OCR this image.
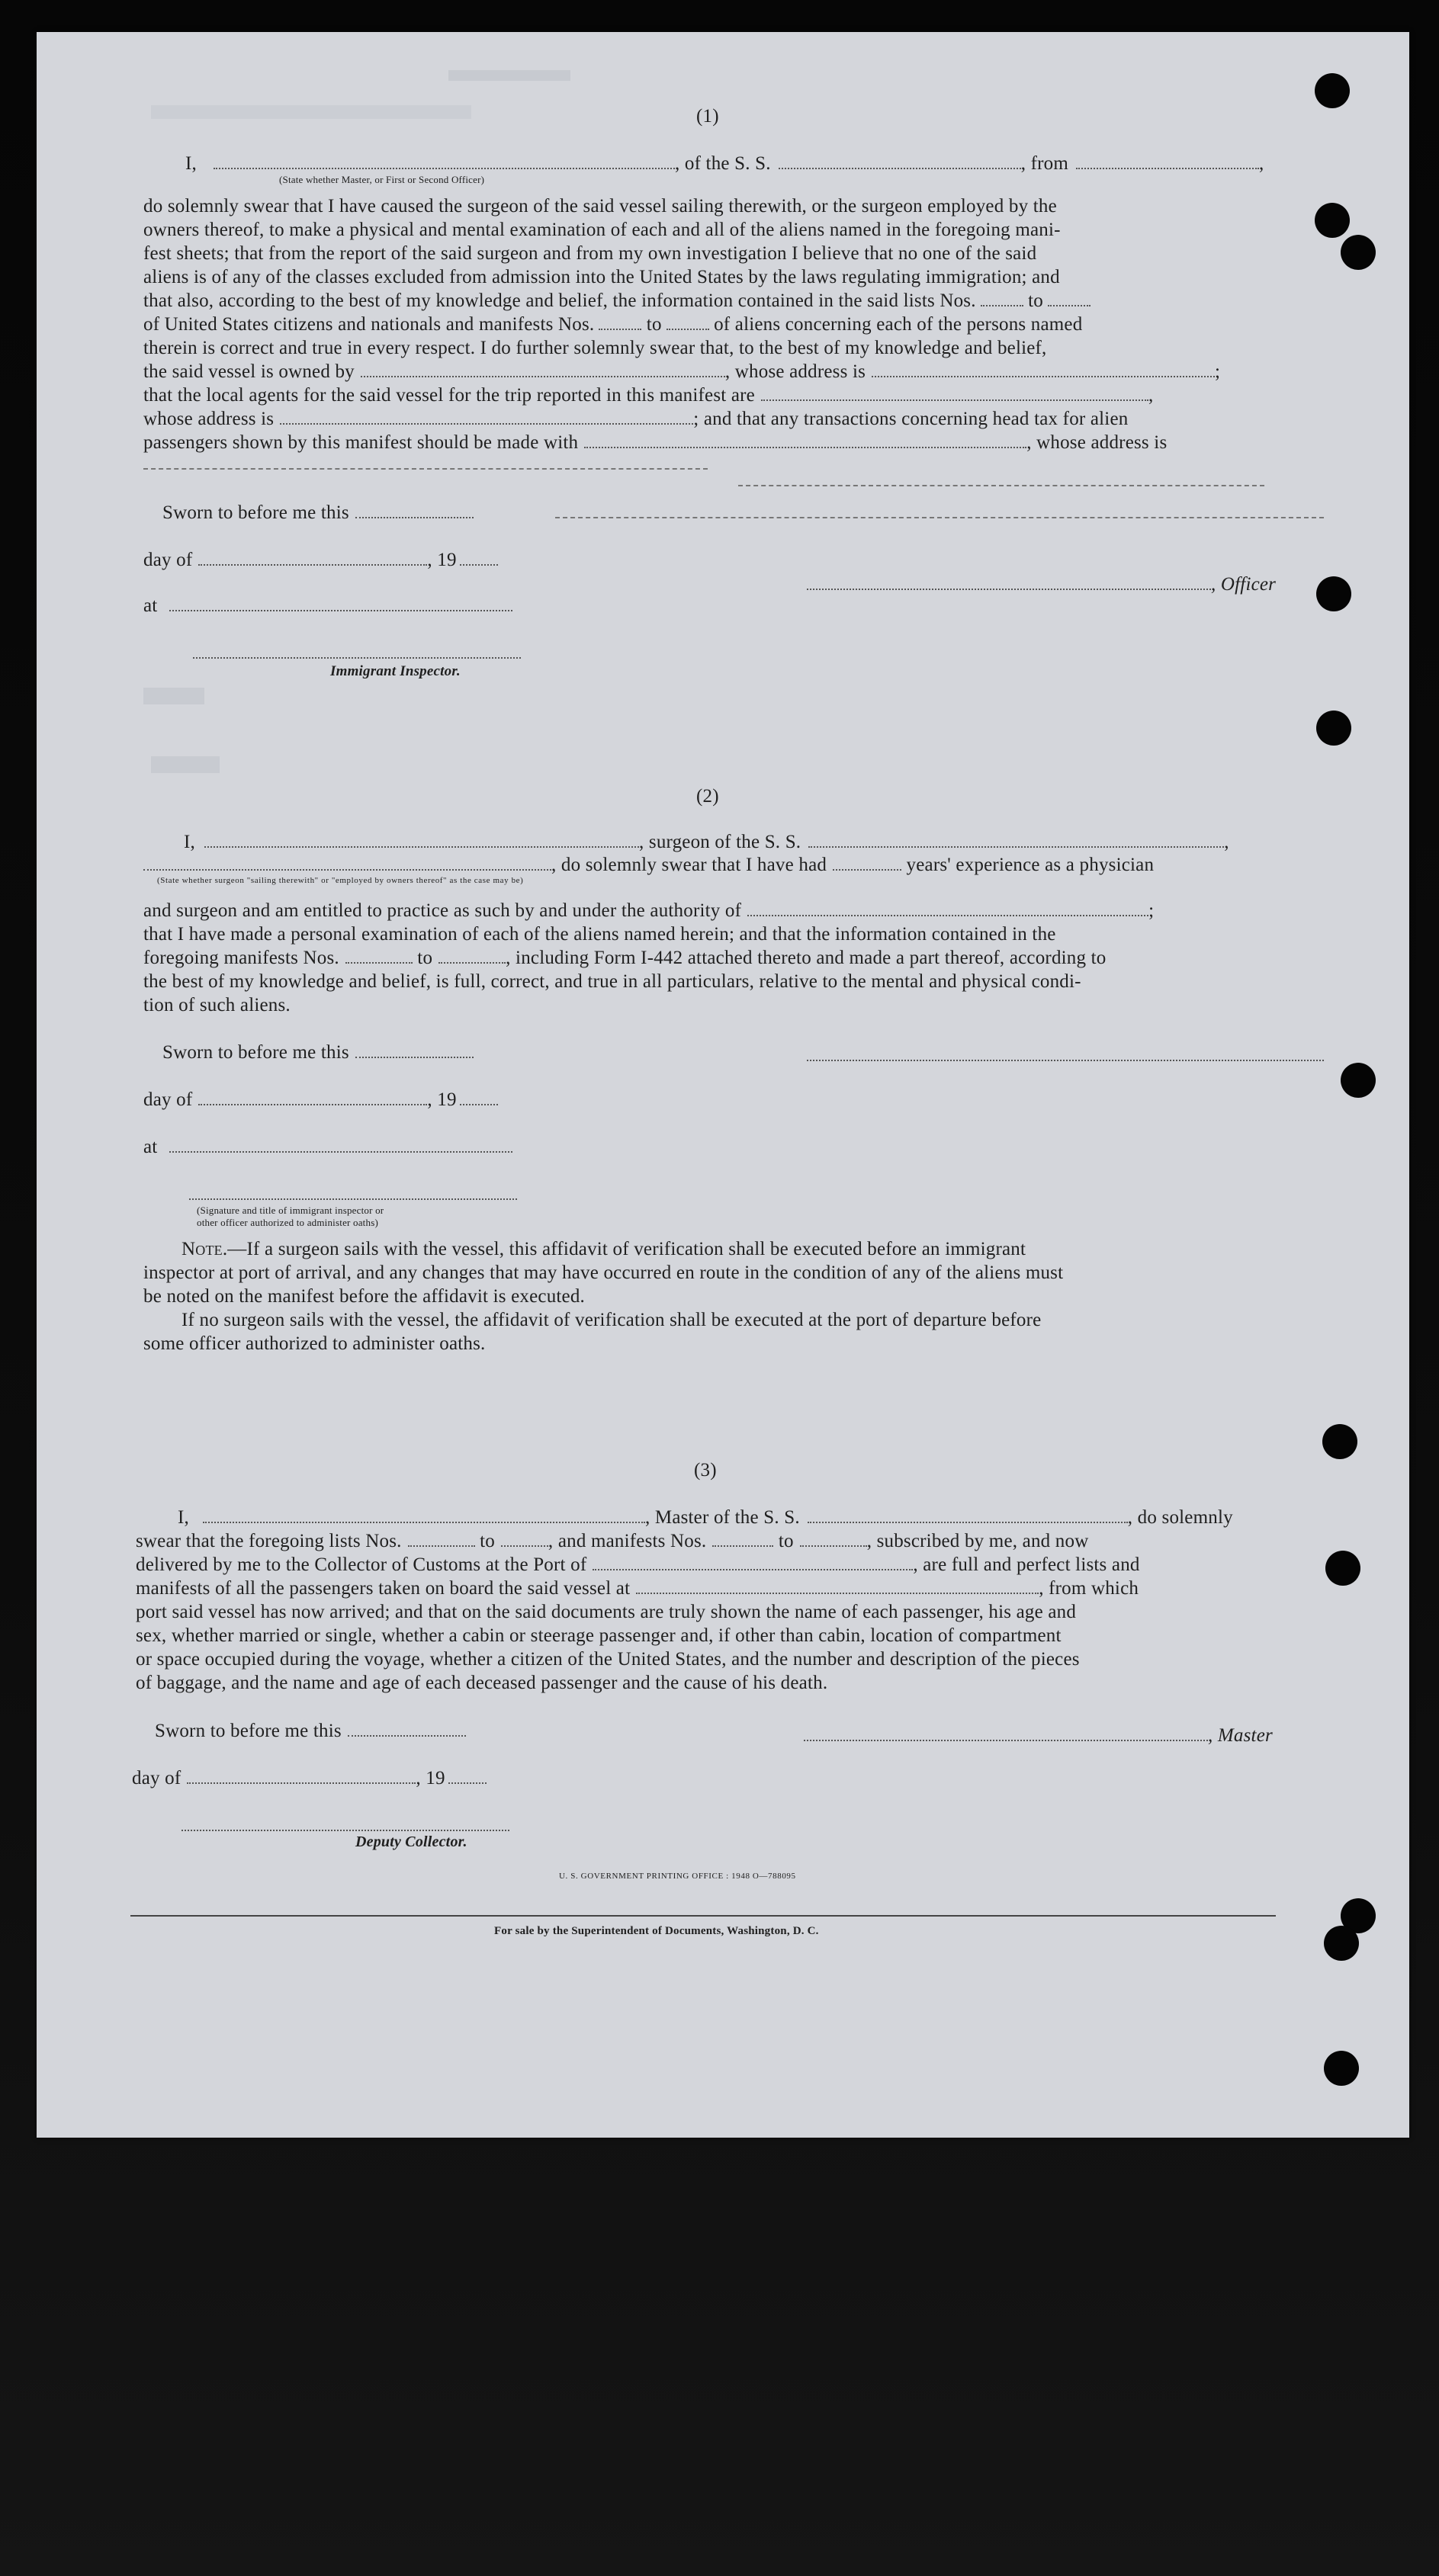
(1)
I,	, of the S. S.	, from	,
(State whether Master, or First or Second Officer)
do solemnly swear that I have caused the surgeon of the said vessel sailing therewith, or the surgeon employed by the
owners thereof, to make a physical and mental examination of each and all of the aliens named in the foregoing mani-
fest sheets; that from the report of the said surgeon and from my own investigation I believe that no one of the said
aliens is of any of the classes excluded from admission into the United States by the laws regulating immigration; and
that also, according to the best of my knowledge and belief, the information contained in the said lists Nos.	to
of United States citizens and nationals and manifests Nos.	to	of aliens concerning each of the persons named
therein is correct and true in every respect. I do further solemnly swear that, to the best of my knowledge and belief,
the said vessel is owned by	, whose address is	;
that the local agents for the said vessel for the trip reported in this manifest are	,
whose address is	; and that any transactions concerning head tax for alien
passengers shown by this manifest should be made with	, whose address is
Sworn to before me this
day of	, 19
, Officer
at
Immigrant Inspector.
(2)
I,	, surgeon of the S. S.	,
, do solemnly swear that I have had	years' experience as a physician
(State whether surgeon "sailing therewith" or "employed by owners thereof" as the case may be)
and surgeon and am entitled to practice as such by and under the authority of	;
that I have made a personal examination of each of the aliens named herein; and that the information contained in the
foregoing manifests Nos.	to	, including Form I-442 attached thereto and made a part thereof, according to
the best of my knowledge and belief, is full, correct, and true in all particulars, relative to the mental and physical condi-
tion of such aliens.
Sworn to before me this
day of	, 19
at
(Signature and title of immigrant inspector or
other officer authorized to administer oaths)
Note.—If a surgeon sails with the vessel, this affidavit of verification shall be executed before an immigrant
inspector at port of arrival, and any changes that may have occurred en route in the condition of any of the aliens must
be noted on the manifest before the affidavit is executed.
If no surgeon sails with the vessel, the affidavit of verification shall be executed at the port of departure before
some officer authorized to administer oaths.
(3)
I,	, Master of the S. S.	, do solemnly
swear that the foregoing lists Nos.	to	, and manifests Nos.	to	, subscribed by me, and now
delivered by me to the Collector of Customs at the Port of	, are full and perfect lists and
manifests of all the passengers taken on board the said vessel at	, from which
port said vessel has now arrived; and that on the said documents are truly shown the name of each passenger, his age and
sex, whether married or single, whether a cabin or steerage passenger and, if other than cabin, location of compartment
or space occupied during the voyage, whether a citizen of the United States, and the number and description of the pieces
of baggage, and the name and age of each deceased passenger and the cause of his death.
Sworn to before me this	, Master
day of	, 19
Deputy Collector.
U. S. GOVERNMENT PRINTING OFFICE : 1948 O—788095
For sale by the Superintendent of Documents, Washington, D. C.
